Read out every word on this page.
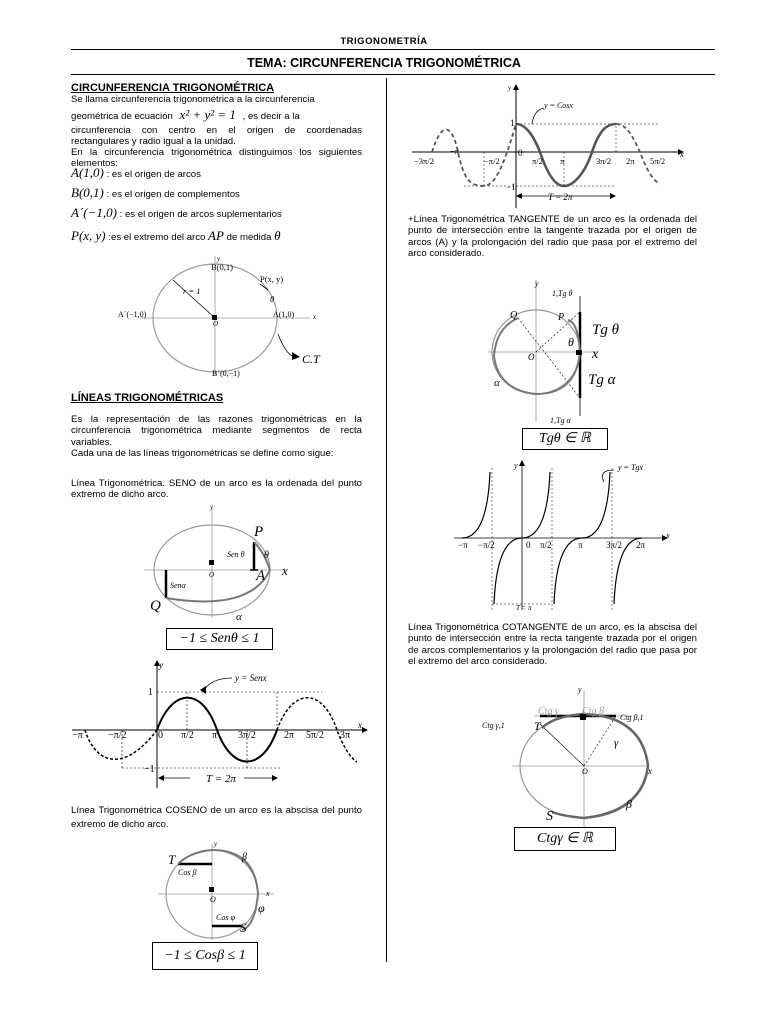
TRIGONOMETRÍA
TEMA: CIRCUNFERENCIA TRIGONOMÉTRICA
CIRCUNFERENCIA TRIGONOMÉTRICA
Se llama circunferencia trigonométrica a la circunferencia
geométrica de ecuación x² + y² = 1 , es decir a la
circunferencia con centro en el origen de coordenadas rectangulares y radio igual a la unidad.
En la circunferencia trigonométrica distinguimos los siguientes elementos:
A(1,0) : es el origen de arcos
B(0,1) : es el origen de complementos
A´(−1,0) : es el origen de arcos suplementarios
P(x, y) :es el extremo del arco AP de medida θ
y
B(0,1)
P(x, y)
r = 1
θ
A´(−1,0)	A(1,0)	x
O
C.T
B´(0,−1)
LÍNEAS TRIGONOMÉTRICAS
Es la representación de las razones trigonométricas en la circunferencia trigonométrica mediante segmentos de recta variables.
Cada una de las líneas trigonométricas se define como sigue:
Línea Trigonométrica. SENO de un arco es la ordenada del punto extremo de dicho arco.
y
P
Sen θ θ
O	x
A
Senα
Q
α
−1 ≤ Senθ ≤ 1
y
y = Senx
1
−1
x
−π	−π/2	0 π/2 π 3π/2	2π 5π/2 3π
T = 2π
Línea Trigonométrica COSENO de un arco es la abscisa del punto extremo de dicho arco.
y
T	β
Cos β
O
x
Cos φ
φ
S
−1 ≤ Cosβ ≤ 1
y
y = Cosx
1
0
−1
x
−3π/2
−π
−π/2	π/2 π	3π/2 2π 5π/2
T = 2π
+Línea Trigonométrica TANGENTE de un arco es la ordenada del punto de intersección entre la tangente trazada por el origen de arcos (A) y la prolongación del radio que pasa por el extremo del arco considerado.
y
1,Tg θ
Q	P
Tg θ
θ
O	x
Tg α
α
1,Tg α
Tgθ ∈ ℝ
y	y = Tgx
x
−π −π/2	0 π/2	π	3π/2 2π
T = π
Línea Trigonométrica COTANGENTE de un arco, es la abscisa del punto de intersección entre la recta tangente trazada por el origen de arcos complementarios y la prolongación del radio que pasa por el extremo del arco considerado.
y
Ctg γ Ctg β
Ctg β,1
Ctg γ,1 T
γ
O	x
β
S
Ctgγ ∈ ℝ
